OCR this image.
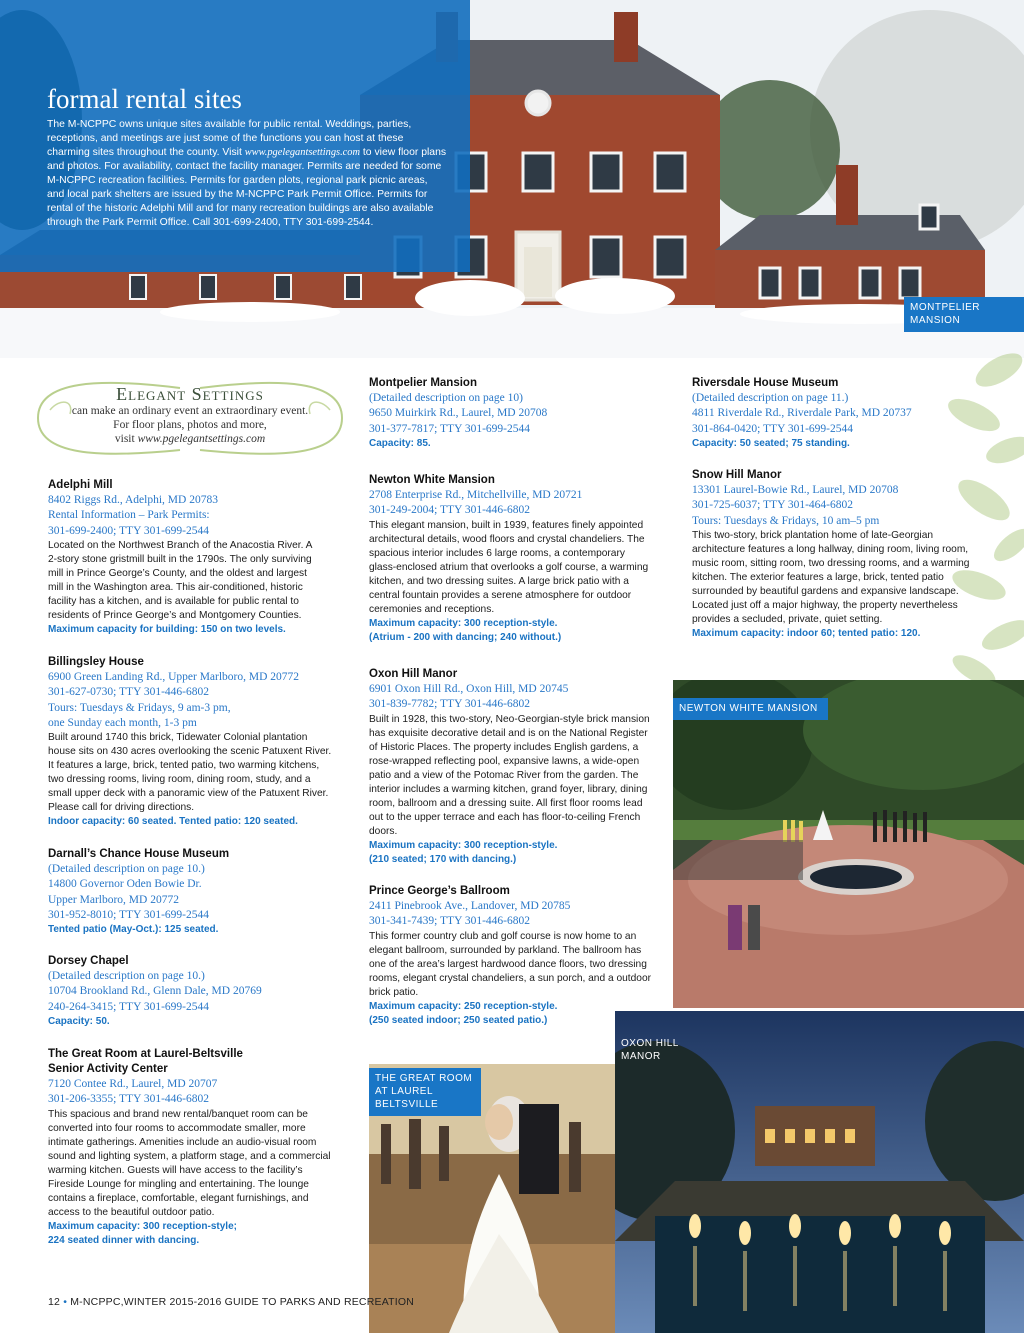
formal rental sites

The M-NCPPC owns unique sites available for public rental. Weddings, parties, receptions, and meetings are just some of the functions you can host at these charming sites throughout the county. Visit www.pgelegantsettings.com to view floor plans and photos. For availability, contact the facility manager. Permits are needed for some M-NCPPC recreation facilities. Permits for garden plots, regional park picnic areas, and local park shelters are issued by the M-NCPPC Park Permit Office. Permits for rental of the historic Adelphi Mill and for many recreation buildings are also available through the Park Permit Office. Call 301-699-2400, TTY 301-699-2544.

MONTPELIER MANSION
Elegant Settings
can make an ordinary event an extraordinary event.
For floor plans, photos and more,
visit www.pgelegantsettings.com
Adelphi Mill
8402 Riggs Rd., Adelphi, MD 20783
Rental Information – Park Permits:
301-699-2400; TTY 301-699-2544
Located on the Northwest Branch of the Anacostia River. A 2-story stone gristmill built in the 1790s. The only surviving mill in Prince George’s County, and the oldest and largest mill in the Washington area. This air-conditioned, historic facility has a kitchen, and is available for public rental to residents of Prince George’s and Montgomery Counties.
Maximum capacity for building: 150 on two levels.
Billingsley House
6900 Green Landing Rd., Upper Marlboro, MD 20772
301-627-0730; TTY 301-446-6802
Tours: Tuesdays & Fridays, 9 am-3 pm,
one Sunday each month, 1-3 pm
Built around 1740 this brick, Tidewater Colonial plantation house sits on 430 acres overlooking the scenic Patuxent River. It features a large, brick, tented patio, two warming kitchens, two dressing rooms, living room, dining room, study, and a small upper deck with a panoramic view of the Patuxent River. Please call for driving directions.
Indoor capacity: 60 seated. Tented patio: 120 seated.
Darnall’s Chance House Museum
(Detailed description on page 10.)
14800 Governor Oden Bowie Dr.
Upper Marlboro, MD 20772
301-952-8010; TTY 301-699-2544
Tented patio (May-Oct.): 125 seated.
Dorsey Chapel
(Detailed description on page 10.)
10704 Brookland Rd., Glenn Dale, MD 20769
240-264-3415; TTY 301-699-2544
Capacity: 50.
The Great Room at Laurel-Beltsville Senior Activity Center
7120 Contee Rd., Laurel, MD 20707
301-206-3355; TTY 301-446-6802
This spacious and brand new rental/banquet room can be converted into four rooms to accommodate smaller, more intimate gatherings. Amenities include an audio-visual room sound and lighting system, a platform stage, and a commercial warming kitchen. Guests will have access to the facility’s Fireside Lounge for mingling and entertaining. The lounge contains a fireplace, comfortable, elegant furnishings, and access to the beautiful outdoor patio.
Maximum capacity: 300 reception-style;
224 seated dinner with dancing.
Montpelier Mansion
(Detailed description on page 10)
9650 Muirkirk Rd., Laurel, MD 20708
301-377-7817; TTY 301-699-2544
Capacity: 85.
Newton White Mansion
2708 Enterprise Rd., Mitchellville, MD 20721
301-249-2004; TTY 301-446-6802
This elegant mansion, built in 1939, features finely appointed architectural details, wood floors and crystal chandeliers. The spacious interior includes 6 large rooms, a contemporary glass-enclosed atrium that overlooks a golf course, a warming kitchen, and two dressing suites. A large brick patio with a central fountain provides a serene atmosphere for outdoor ceremonies and receptions.
Maximum capacity: 300 reception-style.
(Atrium - 200 with dancing; 240 without.)
Oxon Hill Manor
6901 Oxon Hill Rd., Oxon Hill, MD 20745
301-839-7782; TTY 301-446-6802
Built in 1928, this two-story, Neo-Georgian-style brick mansion has exquisite decorative detail and is on the National Register of Historic Places. The property includes English gardens, a rose-wrapped reflecting pool, expansive lawns, a wide-open patio and a view of the Potomac River from the garden. The interior includes a warming kitchen, grand foyer, library, dining room, ballroom and a dressing suite. All first floor rooms lead out to the upper terrace and each has floor-to-ceiling French doors.
Maximum capacity: 300 reception-style.
(210 seated; 170 with dancing.)
Prince George’s Ballroom
2411 Pinebrook Ave., Landover, MD 20785
301-341-7439; TTY 301-446-6802
This former country club and golf course is now home to an elegant ballroom, surrounded by parkland. The ballroom has one of the area’s largest hardwood dance floors, two dressing rooms, elegant crystal chandeliers, a sun porch, and a outdoor brick patio.
Maximum capacity: 250 reception-style.
(250 seated indoor; 250 seated patio.)
Riversdale House Museum
(Detailed description on page 11.)
4811 Riverdale Rd., Riverdale Park, MD 20737
301-864-0420; TTY 301-699-2544
Capacity: 50 seated; 75 standing.
Snow Hill Manor
13301 Laurel-Bowie Rd., Laurel, MD 20708
301-725-6037; TTY 301-464-6802
Tours: Tuesdays & Fridays, 10 am–5 pm
This two-story, brick plantation home of late-Georgian architecture features a long hallway, dining room, living room, music room, sitting room, two dressing rooms, and a warming kitchen. The exterior features a large, brick, tented patio surrounded by beautiful gardens and expansive landscape. Located just off a major highway, the property nevertheless provides a secluded, private, quiet setting.
Maximum capacity: indoor 60; tented patio: 120.
NEWTON WHITE MANSION
THE GREAT ROOM AT LAUREL BELTSVILLE
OXON HILL MANOR
12 • M-NCPPC,WINTER 2015-2016 GUIDE TO PARKS AND RECREATION
